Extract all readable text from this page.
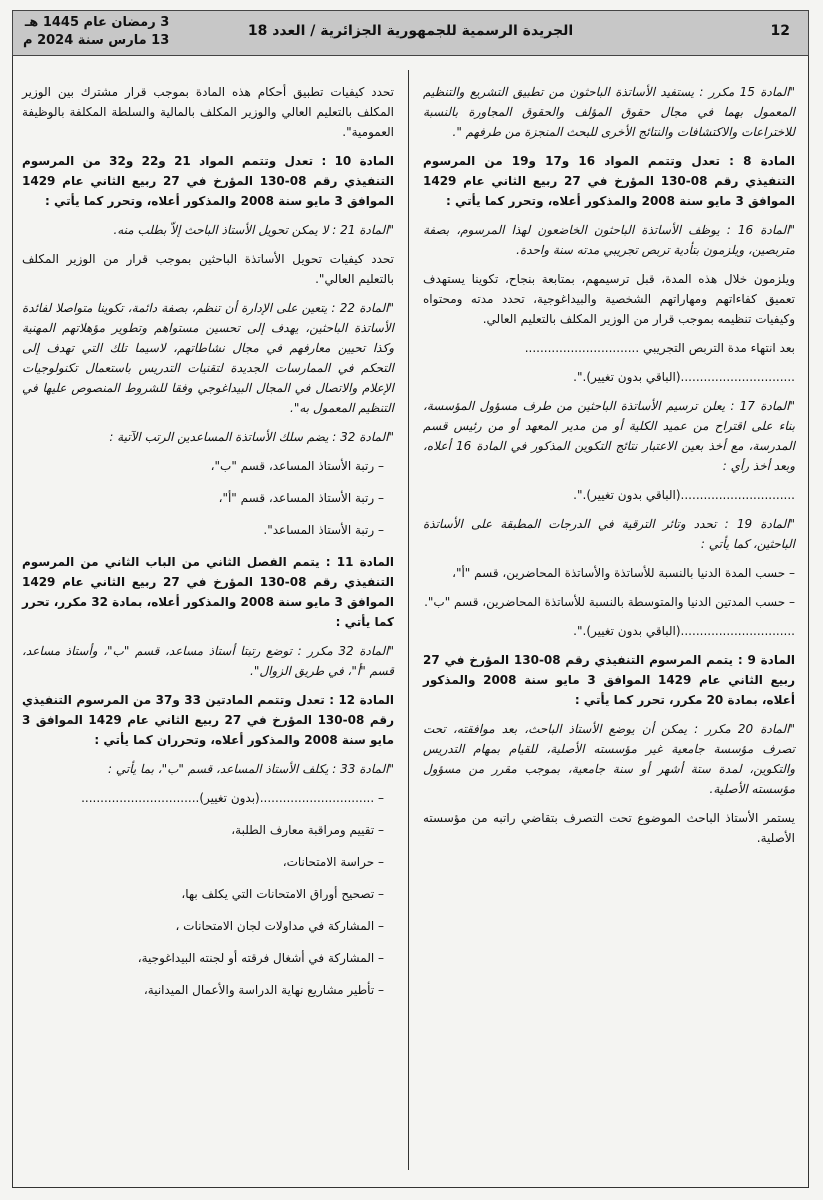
12
الجريدة الرسمية للجمهورية الجزائرية / العدد 18
3 رمضان عام 1445 هـ
13 مارس سنة 2024 م

"المادة 15 مكرر : يستفيد الأساتذة الباحثون من تطبيق التشريع والتنظيم المعمول بهما في مجال حقوق المؤلف والحقوق المجاورة بالنسبة للاختراعات والاكتشافات والنتائج الأخرى للبحث المنجزة من طرفهم ".

المادة 8 : تعدل وتتمم المواد 16 و17 و19 من المرسوم التنفيذي رقم 08-130 المؤرخ في 27 ربيع الثاني عام 1429 الموافق 3 مايو سنة 2008 والمذكور أعلاه، وتحرر كما يأتي :

"المادة 16 : يوظف الأساتذة الباحثون الخاضعون لهذا المرسوم، بصفة متربصين، ويلزمون بتأدية تربص تجريبي مدته سنة واحدة.

ويلزمون خلال هذه المدة، قبل ترسيمهم، بمتابعة بنجاح، تكوينا يستهدف تعميق كفاءاتهم ومهاراتهم الشخصية والبيداغوجية، تحدد مدته ومحتواه وكيفيات تنظيمه بموجب قرار من الوزير المكلف بالتعليم العالي.

بعد انتهاء مدة التربص التجريبي ..............................

..............................(الباقي بدون تغيير).".

"المادة 17 : يعلن ترسيم الأساتذة الباحثين من طرف مسؤول المؤسسة، بناء على اقتراح من عميد الكلية أو من مدير المعهد أو من رئيس قسم المدرسة، مع أخذ بعين الاعتبار نتائج التكوين المذكور في المادة 16 أعلاه، وبعد أخذ رأي :

..............................(الباقي بدون تغيير).".

"المادة 19 : تحدد وتائر الترقية في الدرجات المطبقة على الأساتذة الباحثين، كما يأتي :

– حسب المدة الدنيا بالنسبة للأساتذة والأساتذة المحاضرين، قسم "أ"،

– حسب المدتين الدنيا والمتوسطة بالنسبة للأساتذة المحاضرين، قسم "ب".

..............................(الباقي بدون تغيير).".

المادة 9 : يتمم المرسوم التنفيذي رقم 08-130 المؤرخ في 27 ربيع الثاني عام 1429 الموافق 3 مايو سنة 2008 والمذكور أعلاه، بمادة 20 مكرر، تحرر كما يأتي :

"المادة 20 مكرر : يمكن أن يوضع الأستاذ الباحث، بعد موافقته، تحت تصرف مؤسسة جامعية غير مؤسسته الأصلية، للقيام بمهام التدريس والتكوين، لمدة ستة أشهر أو سنة جامعية، بموجب مقرر من مسؤول مؤسسته الأصلية.

يستمر الأستاذ الباحث الموضوع تحت التصرف بتقاضي راتبه من مؤسسته الأصلية.

تحدد كيفيات تطبيق أحكام هذه المادة بموجب قرار مشترك بين الوزير المكلف بالتعليم العالي والوزير المكلف بالمالية والسلطة المكلفة بالوظيفة العمومية".

المادة 10 : تعدل وتتمم المواد 21 و22 و32 من المرسوم التنفيذي رقم 08-130 المؤرخ في 27 ربيع الثاني عام 1429 الموافق 3 مايو سنة 2008 والمذكور أعلاه، وتحرر كما يأتي :

"المادة 21 : لا يمكن تحويل الأستاذ الباحث إلاّ بطلب منه.

تحدد كيفيات تحويل الأساتذة الباحثين بموجب قرار من الوزير المكلف بالتعليم العالي".

"المادة 22 : يتعين على الإدارة أن تنظم، بصفة دائمة، تكوينا متواصلا لفائدة الأساتذة الباحثين، يهدف إلى تحسين مستواهم وتطوير مؤهلاتهم المهنية وكذا تحيين معارفهم في مجال نشاطاتهم، لاسيما تلك التي تهدف إلى التحكم في الممارسات الجديدة لتقنيات التدريس باستعمال تكنولوجيات الإعلام والاتصال في المجال البيداغوجي وفقا للشروط المنصوص عليها في التنظيم المعمول به".

"المادة 32 : يضم سلك الأساتذة المساعدين الرتب الآتية :

– رتبة الأستاذ المساعد، قسم "ب"،
– رتبة الأستاذ المساعد، قسم "أ"،
– رتبة الأستاذ المساعد".

المادة 11 : يتمم الفصل الثاني من الباب الثاني من المرسوم التنفيذي رقم 08-130 المؤرخ في 27 ربيع الثاني عام 1429 الموافق 3 مايو سنة 2008 والمذكور أعلاه، بمادة 32 مكرر، تحرر كما يأتي :

"المادة 32 مكرر : توضع رتبتا أستاذ مساعد، قسم "ب"، وأستاذ مساعد، قسم "أ"، في طريق الزوال".

المادة 12 : تعدل وتتمم المادتين 33 و37 من المرسوم التنفيذي رقم 08-130 المؤرخ في 27 ربيع الثاني عام 1429 الموافق 3 مايو سنة 2008 والمذكور أعلاه، وتحرران كما يأتي :

"المادة 33 : يكلف الأستاذ المساعد، قسم "ب"، بما يأتي :

– ..............................(بدون تغيير)...............................
– تقييم ومراقبة معارف الطلبة،
– حراسة الامتحانات،
– تصحيح أوراق الامتحانات التي يكلف بها،
– المشاركة في مداولات لجان الامتحانات ،
– المشاركة في أشغال فرقته أو لجنته البيداغوجية،
– تأطير مشاريع نهاية الدراسة والأعمال الميدانية،
